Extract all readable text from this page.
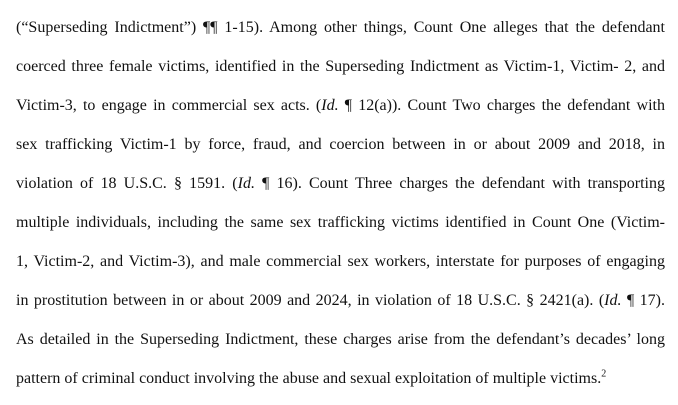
(“Superseding Indictment”) ¶¶ 1-15). Among other things, Count One alleges that the defendant
coerced three female victims, identified in the Superseding Indictment as Victim-1, Victim- 2, and
Victim-3, to engage in commercial sex acts. (Id. ¶ 12(a)). Count Two charges the defendant with
sex trafficking Victim-1 by force, fraud, and coercion between in or about 2009 and 2018, in
violation of 18 U.S.C. § 1591. (Id. ¶ 16). Count Three charges the defendant with transporting
multiple individuals, including the same sex trafficking victims identified in Count One (Victim-
1, Victim-2, and Victim-3), and male commercial sex workers, interstate for purposes of engaging
in prostitution between in or about 2009 and 2024, in violation of 18 U.S.C. § 2421(a). (Id. ¶ 17).
As detailed in the Superseding Indictment, these charges arise from the defendant’s decades’ long
pattern of criminal conduct involving the abuse and sexual exploitation of multiple victims.$^2$
